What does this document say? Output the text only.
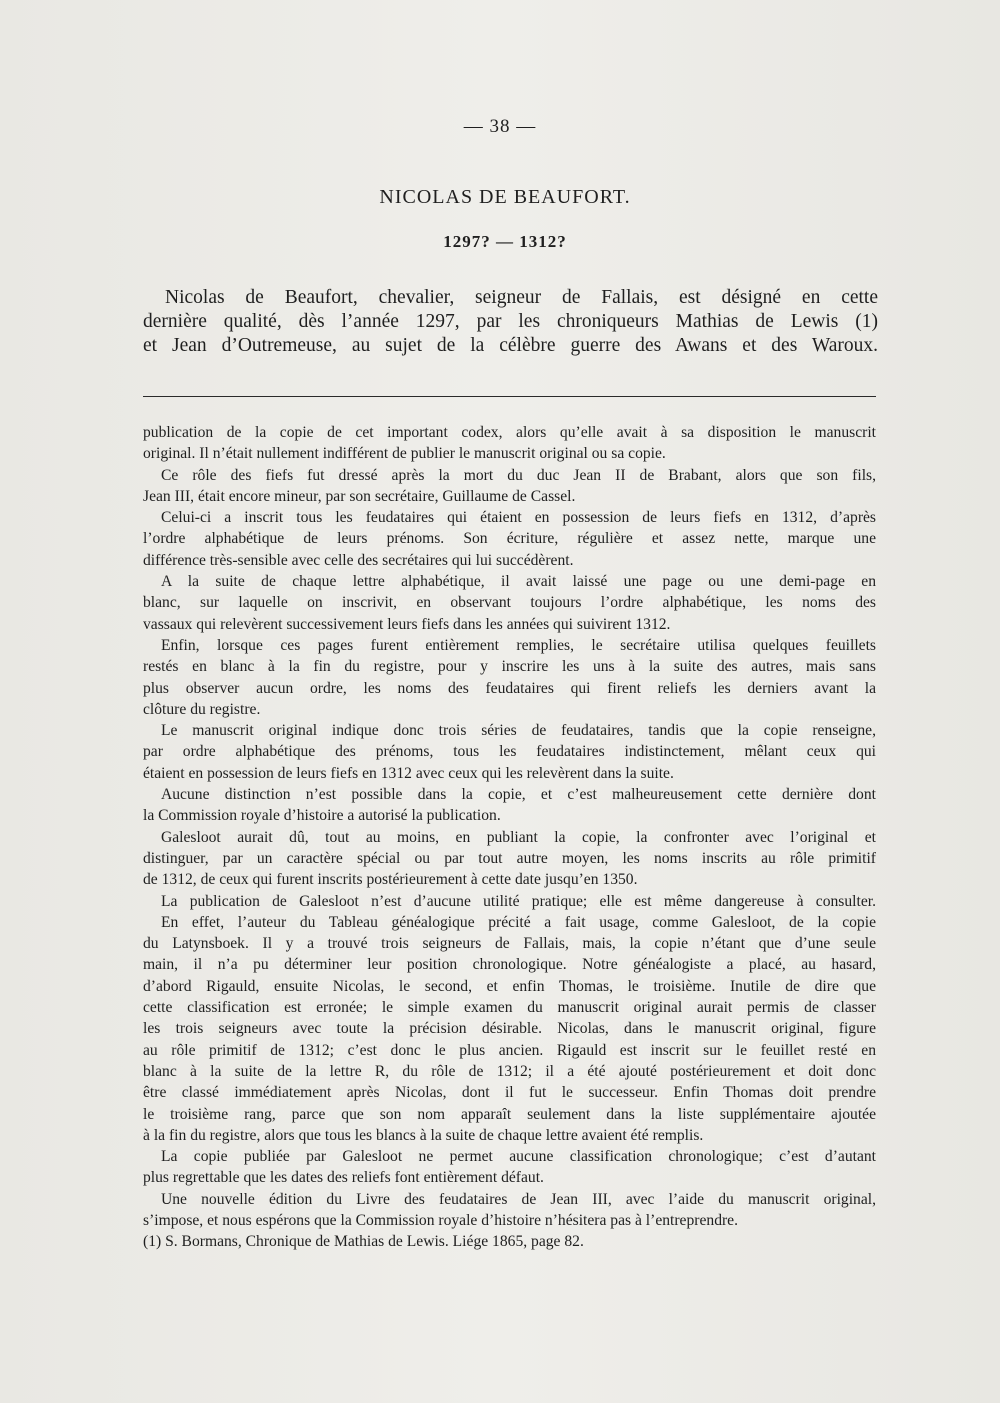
— 38 —
NICOLAS DE BEAUFORT.
1297? — 1312?
Nicolas de Beaufort, chevalier, seigneur de Fallais, est désigné en cette
dernière qualité, dès l’année 1297, par les chroniqueurs Mathias de Lewis (1)
et Jean d’Outremeuse, au sujet de la célèbre guerre des Awans et des Waroux.
publication de la copie de cet important codex, alors qu’elle avait à sa disposition le manuscrit
original. Il n’était nullement indifférent de publier le manuscrit original ou sa copie.
Ce rôle des fiefs fut dressé après la mort du duc Jean II de Brabant, alors que son fils,
Jean III, était encore mineur, par son secrétaire, Guillaume de Cassel.
Celui-ci a inscrit tous les feudataires qui étaient en possession de leurs fiefs en 1312, d’après
l’ordre alphabétique de leurs prénoms. Son écriture, régulière et assez nette, marque une
différence très-sensible avec celle des secrétaires qui lui succédèrent.
A la suite de chaque lettre alphabétique, il avait laissé une page ou une demi-page en
blanc, sur laquelle on inscrivit, en observant toujours l’ordre alphabétique, les noms des
vassaux qui relevèrent successivement leurs fiefs dans les années qui suivirent 1312.
Enfin, lorsque ces pages furent entièrement remplies, le secrétaire utilisa quelques feuillets
restés en blanc à la fin du registre, pour y inscrire les uns à la suite des autres, mais sans
plus observer aucun ordre, les noms des feudataires qui firent reliefs les derniers avant la
clôture du registre.
Le manuscrit original indique donc trois séries de feudataires, tandis que la copie renseigne,
par ordre alphabétique des prénoms, tous les feudataires indistinctement, mêlant ceux qui
étaient en possession de leurs fiefs en 1312 avec ceux qui les relevèrent dans la suite.
Aucune distinction n’est possible dans la copie, et c’est malheureusement cette dernière dont
la Commission royale d’histoire a autorisé la publication.
Galesloot aurait dû, tout au moins, en publiant la copie, la confronter avec l’original et
distinguer, par un caractère spécial ou par tout autre moyen, les noms inscrits au rôle primitif
de 1312, de ceux qui furent inscrits postérieurement à cette date jusqu’en 1350.
La publication de Galesloot n’est d’aucune utilité pratique; elle est même dangereuse à consulter.
En effet, l’auteur du Tableau généalogique précité a fait usage, comme Galesloot, de la copie
du Latynsboek. Il y a trouvé trois seigneurs de Fallais, mais, la copie n’étant que d’une seule
main, il n’a pu déterminer leur position chronologique. Notre généalogiste a placé, au hasard,
d’abord Rigauld, ensuite Nicolas, le second, et enfin Thomas, le troisième. Inutile de dire que
cette classification est erronée; le simple examen du manuscrit original aurait permis de classer
les trois seigneurs avec toute la précision désirable. Nicolas, dans le manuscrit original, figure
au rôle primitif de 1312; c’est donc le plus ancien. Rigauld est inscrit sur le feuillet resté en
blanc à la suite de la lettre R, du rôle de 1312; il a été ajouté postérieurement et doit donc
être classé immédiatement après Nicolas, dont il fut le successeur. Enfin Thomas doit prendre
le troisième rang, parce que son nom apparaît seulement dans la liste supplémentaire ajoutée
à la fin du registre, alors que tous les blancs à la suite de chaque lettre avaient été remplis.
La copie publiée par Galesloot ne permet aucune classification chronologique; c’est d’autant
plus regrettable que les dates des reliefs font entièrement défaut.
Une nouvelle édition du Livre des feudataires de Jean III, avec l’aide du manuscrit original,
s’impose, et nous espérons que la Commission royale d’histoire n’hésitera pas à l’entreprendre.
(1) S. Bormans, Chronique de Mathias de Lewis. Liége 1865, page 82.
